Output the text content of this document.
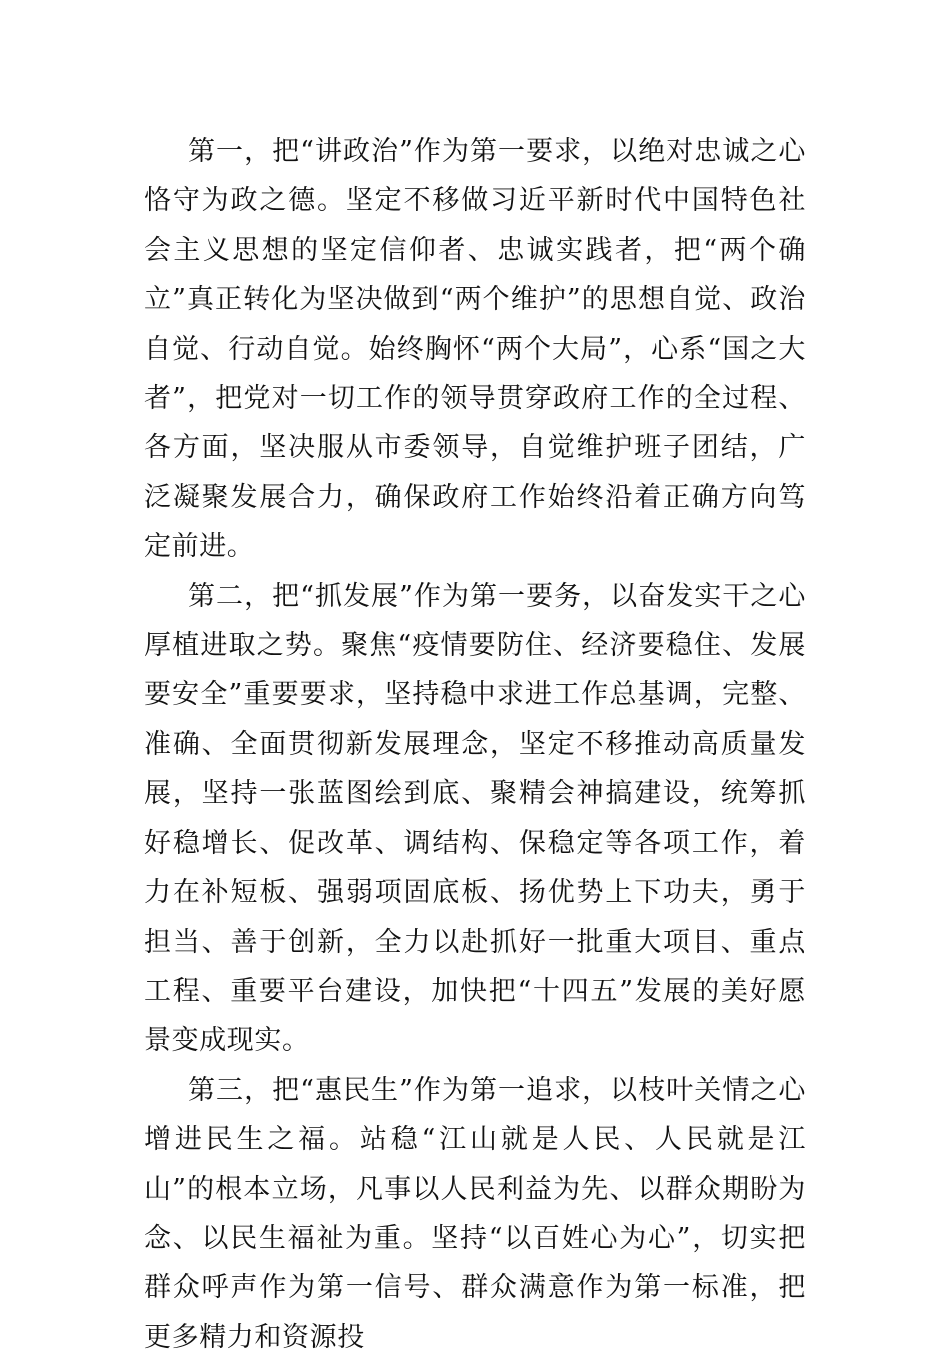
第一，把“讲政治”作为第一要求，以绝对忠诚之心恪守为政之德。坚定不移做习近平新时代中国特色社会主义思想的坚定信仰者、忠诚实践者，把“两个确立”真正转化为坚决做到“两个维护”的思想自觉、政治自觉、行动自觉。始终胸怀“两个大局”，心系“国之大者”，把党对一切工作的领导贯穿政府工作的全过程、各方面，坚决服从市委领导，自觉维护班子团结，广泛凝聚发展合力，确保政府工作始终沿着正确方向笃定前进。

第二，把“抓发展”作为第一要务，以奋发实干之心厚植进取之势。聚焦“疫情要防住、经济要稳住、发展要安全”重要要求，坚持稳中求进工作总基调，完整、准确、全面贯彻新发展理念，坚定不移推动高质量发展，坚持一张蓝图绘到底、聚精会神搞建设，统筹抓好稳增长、促改革、调结构、保稳定等各项工作，着力在补短板、强弱项固底板、扬优势上下功夫，勇于担当、善于创新，全力以赴抓好一批重大项目、重点工程、重要平台建设，加快把“十四五”发展的美好愿景变成现实。

第三，把“惠民生”作为第一追求，以枝叶关情之心增进民生之福。站稳“江山就是人民、人民就是江山”的根本立场，凡事以人民利益为先、以群众期盼为念、以民生福祉为重。坚持“以百姓心为心”，切实把群众呼声作为第一信号、群众满意作为第一标准，把更多精力和资源投
